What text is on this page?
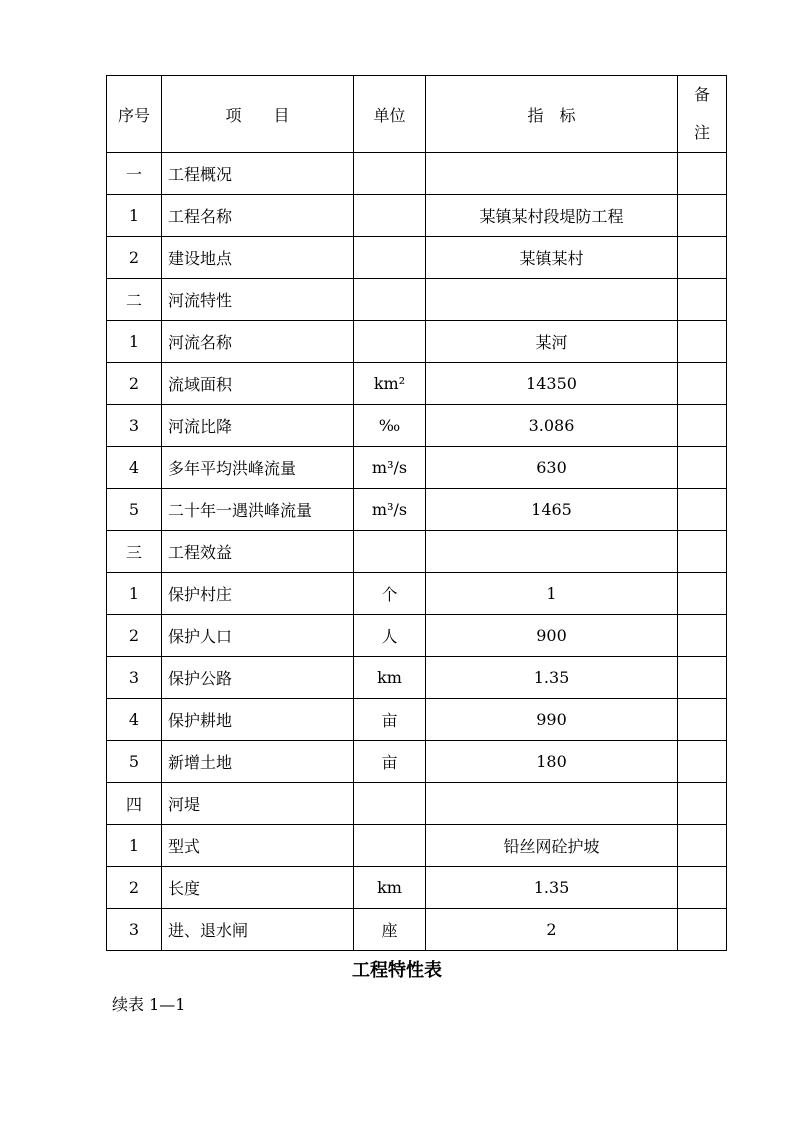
序号	项　　目	单位	指　标	备
注

一	工程概况			
1	工程名称		某镇某村段堤防工程	
2	建设地点		某镇某村	
二	河流特性			
1	河流名称		某河	
2	流域面积	km²	14350	
3	河流比降	‰	3.086	
4	多年平均洪峰流量	m³/s	630	
5	二十年一遇洪峰流量	m³/s	1465	
三	工程效益			
1	保护村庄	个	1	
2	保护人口	人	900	
3	保护公路	km	1.35	
4	保护耕地	亩	990	
5	新增土地	亩	180	
四	河堤			
1	型式		铅丝网砼护坡	
2	长度	km	1.35	
3	进、退水闸	座	2	
工程特性表
续表 1—1
